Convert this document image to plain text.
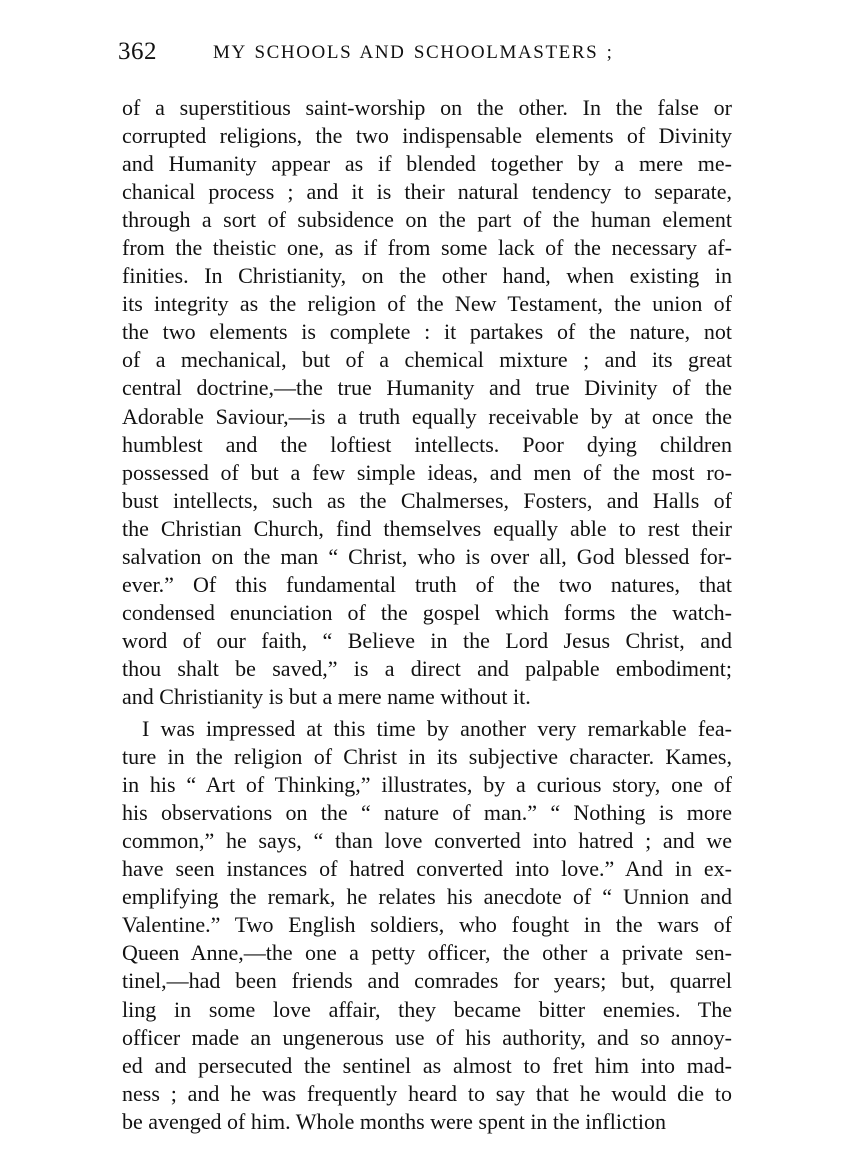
362	MY SCHOOLS AND SCHOOLMASTERS ;
of a superstitious saint-worship on the other. In the false or
corrupted religions, the two indispensable elements of Divinity
and Humanity appear as if blended together by a mere me-
chanical process ; and it is their natural tendency to separate,
through a sort of subsidence on the part of the human element
from the theistic one, as if from some lack of the necessary af-
finities. In Christianity, on the other hand, when existing in
its integrity as the religion of the New Testament, the union of
the two elements is complete : it partakes of the nature, not
of a mechanical, but of a chemical mixture ; and its great
central doctrine,—the true Humanity and true Divinity of the
Adorable Saviour,—is a truth equally receivable by at once the
humblest and the loftiest intellects. Poor dying children
possessed of but a few simple ideas, and men of the most ro-
bust intellects, such as the Chalmerses, Fosters, and Halls of
the Christian Church, find themselves equally able to rest their
salvation on the man “ Christ, who is over all, God blessed for-
ever.” Of this fundamental truth of the two natures, that
condensed enunciation of the gospel which forms the watch-
word of our faith, “ Believe in the Lord Jesus Christ, and
thou shalt be saved,” is a direct and palpable embodiment;
and Christianity is but a mere name without it.
I was impressed at this time by another very remarkable fea-
ture in the religion of Christ in its subjective character. Kames,
in his “ Art of Thinking,” illustrates, by a curious story, one of
his observations on the “ nature of man.” “ Nothing is more
common,” he says, “ than love converted into hatred ; and we
have seen instances of hatred converted into love.” And in ex-
emplifying the remark, he relates his anecdote of “ Unnion and
Valentine.” Two English soldiers, who fought in the wars of
Queen Anne,—the one a petty officer, the other a private sen-
tinel,—had been friends and comrades for years; but, quarrel
ling in some love affair, they became bitter enemies. The
officer made an ungenerous use of his authority, and so annoy-
ed and persecuted the sentinel as almost to fret him into mad-
ness ; and he was frequently heard to say that he would die to
be avenged of him. Whole months were spent in the infliction
